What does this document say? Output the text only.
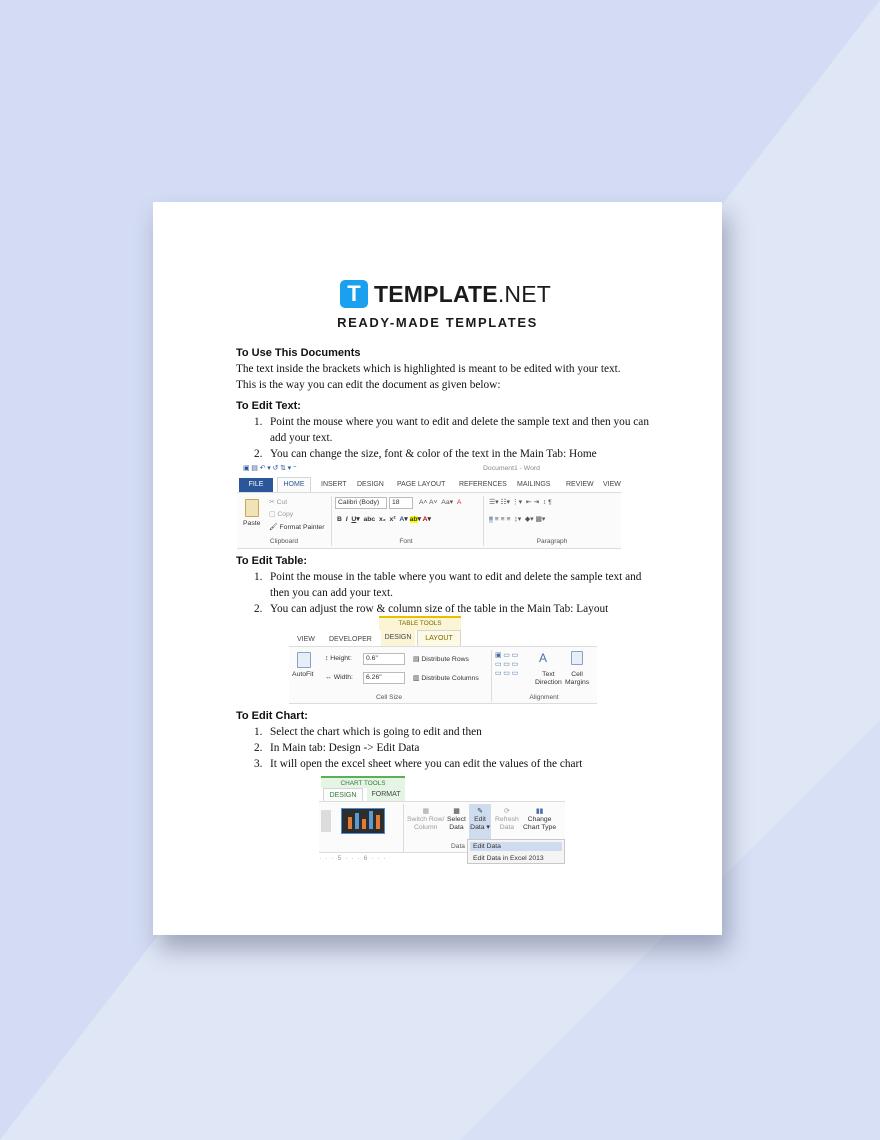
T TEMPLATE.NET
READY-MADE TEMPLATES
To Use This Documents
The text inside the brackets which is highlighted is meant to be edited with your text.
This is the way you can edit the document as given below:
To Edit Text:
1. Point the mouse where you want to edit and delete the sample text and then you can add your text.
2. You can change the size, font & color of the text in the Main Tab: Home
▣ ▤ ↶ ▾ ↺ ⇅ ▾ ⁼	Document1 - Word
FILE	HOME	INSERT DESIGN PAGE LAYOUT REFERENCES MAILINGS REVIEW VIEW
Paste
✂ Cut
▢ Copy
🖌 Format Painter
Clipboard
Calibri (Body)	18	A˄ A˅  Aa▾  A
B  I U▾  abc  x₂  x²  A▾ ab▾ A▾
Font
☰▾ ☷▾ ⋮▾  ⇤ ⇥  ↕ ¶
≡ ≡ ≡ ≡  ↨▾  ◆▾ ▦▾
Paragraph
To Edit Table:
1. Point the mouse in the table where you want to edit and delete the sample text and then you can add your text.
2. You can adjust the row & column size of the table in the Main Tab: Layout
TABLE TOOLS
VIEW DEVELOPER	DESIGN	LAYOUT
AutoFit
↕ Height:	0.6"
↔ Width:	6.26"
▤ Distribute Rows
▥ Distribute Columns
Cell Size
▣ ▭ ▭
▭ ▭ ▭
▭ ▭ ▭
A
Text
Direction
Cell
Margins
Alignment
To Edit Chart:
1. Select the chart which is going to edit and then
2. In Main tab: Design -> Edit Data
3. It will open the excel sheet where you can edit the values of the chart
CHART TOOLS
DESIGN	FORMAT
▦
Switch Row/
Column
▦
Select
Data
✎
Edit
Data ▾
⟳
Refresh
Data
▮▮
Change
Chart Type
Data	Edit Data
Edit Data in Excel 2013
· · · 5 · · · 6 · · ·
